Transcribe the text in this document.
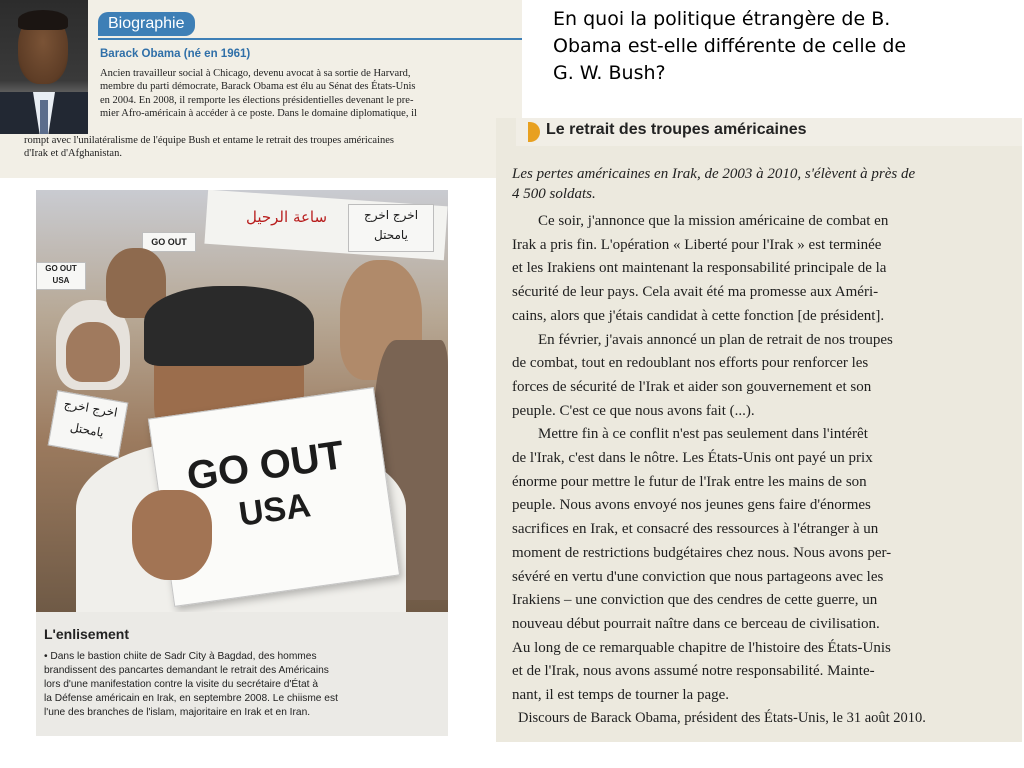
En quoi la politique étrangère de B.
Obama est-elle différente de celle de
G. W. Bush?
Biographie
Barack Obama (né en 1961)
Ancien travailleur social à Chicago, devenu avocat à sa sortie de Harvard,
membre du parti démocrate, Barack Obama est élu au Sénat des États-Unis
en 2004. En 2008, il remporte les élections présidentielles devenant le pre-
mier Afro-américain à accéder à ce poste. Dans le domaine diplomatique, il
rompt avec l'unilatéralisme de l'équipe Bush et entame le retrait des troupes américaines
d'Irak et d'Afghanistan.
ساعة الرحيل
GO OUT
GO OUT USA
اخرج اخرج
يامحتل
اخرج اخرج
يامحتل
GO OUT
USA
L'enlisement
• Dans le bastion chiite de Sadr City à Bagdad, des hommes
brandissent des pancartes demandant le retrait des Américains
lors d'une manifestation contre la visite du secrétaire d'État à
la Défense américain en Irak, en septembre 2008. Le chiisme est
l'une des branches de l'islam, majoritaire en Irak et en Iran.
Le retrait des troupes américaines
Les pertes américaines en Irak, de 2003 à 2010, s'élèvent à près de
4 500 soldats.
Ce soir, j'annonce que la mission américaine de combat en
Irak a pris fin. L'opération « Liberté pour l'Irak » est terminée
et les Irakiens ont maintenant la responsabilité principale de la
sécurité de leur pays. Cela avait été ma promesse aux Améri-
cains, alors que j'étais candidat à cette fonction [de président].
En février, j'avais annoncé un plan de retrait de nos troupes
de combat, tout en redoublant nos efforts pour renforcer les
forces de sécurité de l'Irak et aider son gouvernement et son
peuple. C'est ce que nous avons fait (...).
Mettre fin à ce conflit n'est pas seulement dans l'intérêt
de l'Irak, c'est dans le nôtre. Les États-Unis ont payé un prix
énorme pour mettre le futur de l'Irak entre les mains de son
peuple. Nous avons envoyé nos jeunes gens faire d'énormes
sacrifices en Irak, et consacré des ressources à l'étranger à un
moment de restrictions budgétaires chez nous. Nous avons per-
sévéré en vertu d'une conviction que nous partageons avec les
Irakiens – une conviction que des cendres de cette guerre, un
nouveau début pourrait naître dans ce berceau de civilisation.
Au long de ce remarquable chapitre de l'histoire des États-Unis
et de l'Irak, nous avons assumé notre responsabilité. Mainte-
nant, il est temps de tourner la page.
Discours de Barack Obama, président des États-Unis, le 31 août 2010.
